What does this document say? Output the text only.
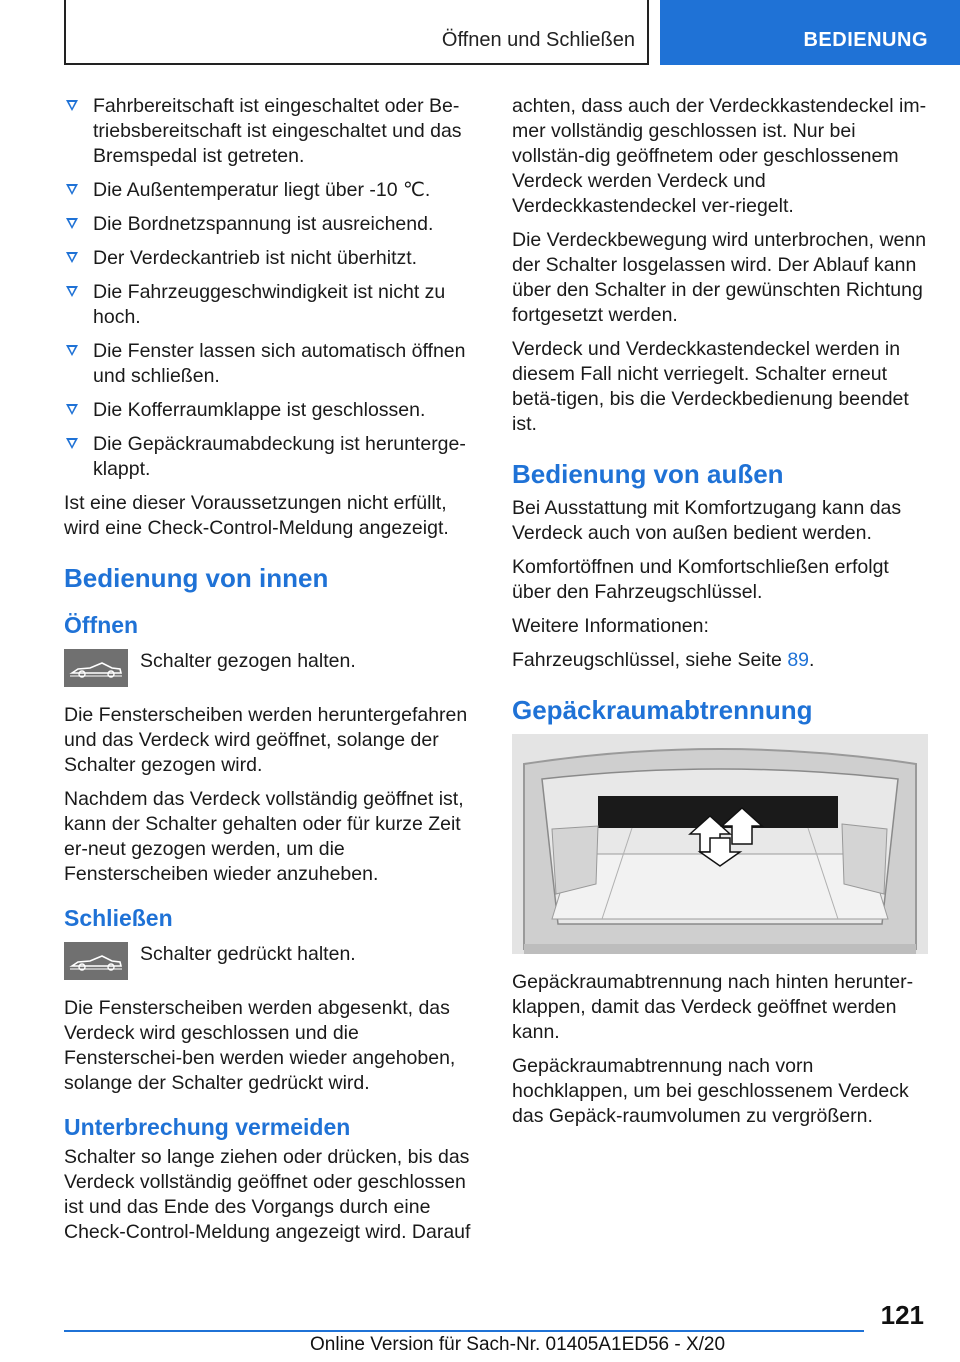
Öffnen und Schließen	BEDIENUNG
Fahrbereitschaft ist eingeschaltet oder Be-triebsbereitschaft ist eingeschaltet und das Bremspedal ist getreten.
Die Außentemperatur liegt über -10 ℃.
Die Bordnetzspannung ist ausreichend.
Der Verdeckantrieb ist nicht überhitzt.
Die Fahrzeuggeschwindigkeit ist nicht zu hoch.
Die Fenster lassen sich automatisch öffnen und schließen.
Die Kofferraumklappe ist geschlossen.
Die Gepäckraumabdeckung ist herunterge-klappt.

Ist eine dieser Voraussetzungen nicht erfüllt, wird eine Check-Control-Meldung angezeigt.

Bedienung von innen
Öffnen

Schalter gezogen halten.

Die Fensterscheiben werden heruntergefahren und das Verdeck wird geöffnet, solange der Schalter gezogen wird.

Nachdem das Verdeck vollständig geöffnet ist, kann der Schalter gehalten oder für kurze Zeit er-neut gezogen werden, um die Fensterscheiben wieder anzuheben.

Schließen

Schalter gedrückt halten.

Die Fensterscheiben werden abgesenkt, das Verdeck wird geschlossen und die Fensterschei-ben werden wieder angehoben, solange der Schalter gedrückt wird.

Unterbrechung vermeiden

Schalter so lange ziehen oder drücken, bis das Verdeck vollständig geöffnet oder geschlossen ist und das Ende des Vorgangs durch eine Check-Control-Meldung angezeigt wird. Darauf

achten, dass auch der Verdeckkastendeckel im-mer vollständig geschlossen ist. Nur bei vollstän-dig geöffnetem oder geschlossenem Verdeck werden Verdeck und Verdeckkastendeckel ver-riegelt.

Die Verdeckbewegung wird unterbrochen, wenn der Schalter losgelassen wird. Der Ablauf kann über den Schalter in der gewünschten Richtung fortgesetzt werden.

Verdeck und Verdeckkastendeckel werden in diesem Fall nicht verriegelt. Schalter erneut betä-tigen, bis die Verdeckbedienung beendet ist.

Bedienung von außen

Bei Ausstattung mit Komfortzugang kann das Verdeck auch von außen bedient werden.

Komfortöffnen und Komfortschließen erfolgt über den Fahrzeugschlüssel.

Weitere Informationen:

Fahrzeugschlüssel, siehe Seite 89.

Gepäckraumabtrennung

Gepäckraumabtrennung nach hinten herunter-klappen, damit das Verdeck geöffnet werden kann.

Gepäckraumabtrennung nach vorn hochklappen, um bei geschlossenem Verdeck das Gepäck-raumvolumen zu vergrößern.

121
Online Version für Sach-Nr. 01405A1ED56 - X/20
